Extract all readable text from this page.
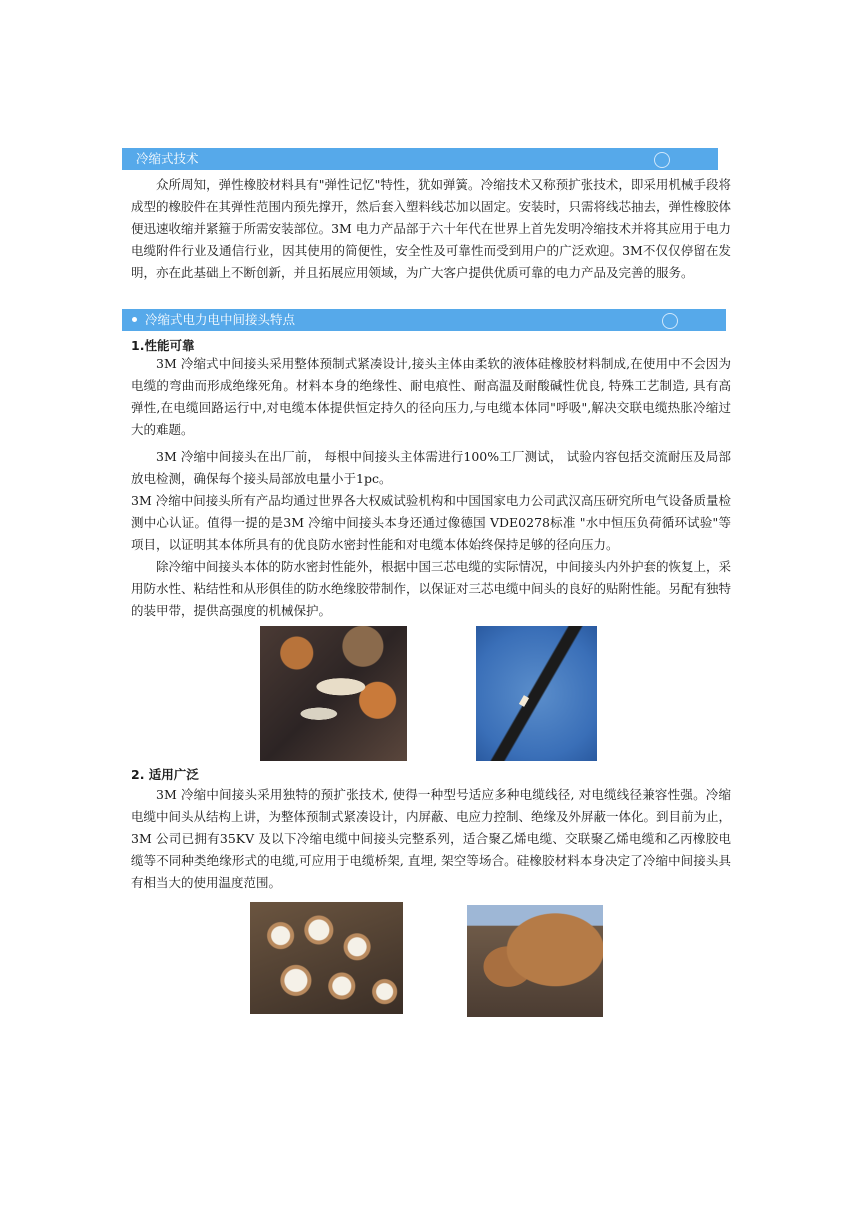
冷缩式技术

众所周知，弹性橡胶材料具有"弹性记忆"特性，犹如弹簧。冷缩技术又称预扩张技术，即采用机械手段将成型的橡胶件在其弹性范围内预先撑开，然后套入塑料线芯加以固定。安装时，只需将线芯抽去，弹性橡胶体便迅速收缩并紧箍于所需安装部位。3M 电力产品部于六十年代在世界上首先发明冷缩技术并将其应用于电力电缆附件行业及通信行业，因其使用的简便性，安全性及可靠性而受到用户的广泛欢迎。3M不仅仅停留在发明，亦在此基础上不断创新，并且拓展应用领域，为广大客户提供优质可靠的电力产品及完善的服务。

冷缩式电力电中间接头特点

1.性能可靠

3M 冷缩式中间接头采用整体预制式紧凑设计,接头主体由柔软的液体硅橡胶材料制成,在使用中不会因为电缆的弯曲而形成绝缘死角。材料本身的绝缘性、耐电痕性、耐高温及耐酸碱性优良, 特殊工艺制造, 具有高弹性,在电缆回路运行中,对电缆本体提供恒定持久的径向压力,与电缆本体同"呼吸",解决交联电缆热胀冷缩过大的难题。

3M 冷缩中间接头在出厂前， 每根中间接头主体需进行100%工厂测试， 试验内容包括交流耐压及局部放电检测，确保每个接头局部放电量小于1pc。

3M 冷缩中间接头所有产品均通过世界各大权威试验机构和中国国家电力公司武汉高压研究所电气设备质量检测中心认证。值得一提的是3M 冷缩中间接头本身还通过像德国 VDE0278标准 "水中恒压负荷循环试验"等项目，以证明其本体所具有的优良防水密封性能和对电缆本体始终保持足够的径向压力。

除冷缩中间接头本体的防水密封性能外，根据中国三芯电缆的实际情况，中间接头内外护套的恢复上，采用防水性、粘结性和从形俱佳的防水绝缘胶带制作，以保证对三芯电缆中间头的良好的贴附性能。另配有独特的装甲带，提供高强度的机械保护。

2. 适用广泛

3M 冷缩中间接头采用独特的预扩张技术, 使得一种型号适应多种电缆线径, 对电缆线径兼容性强。冷缩电缆中间头从结构上讲，为整体预制式紧凑设计，内屏蔽、电应力控制、绝缘及外屏蔽一体化。到目前为止，3M 公司已拥有35KV 及以下冷缩电缆中间接头完整系列，适合聚乙烯电缆、交联聚乙烯电缆和乙丙橡胶电缆等不同种类绝缘形式的电缆,可应用于电缆桥架, 直埋, 架空等场合。硅橡胶材料本身决定了冷缩中间接头具有相当大的使用温度范围。
